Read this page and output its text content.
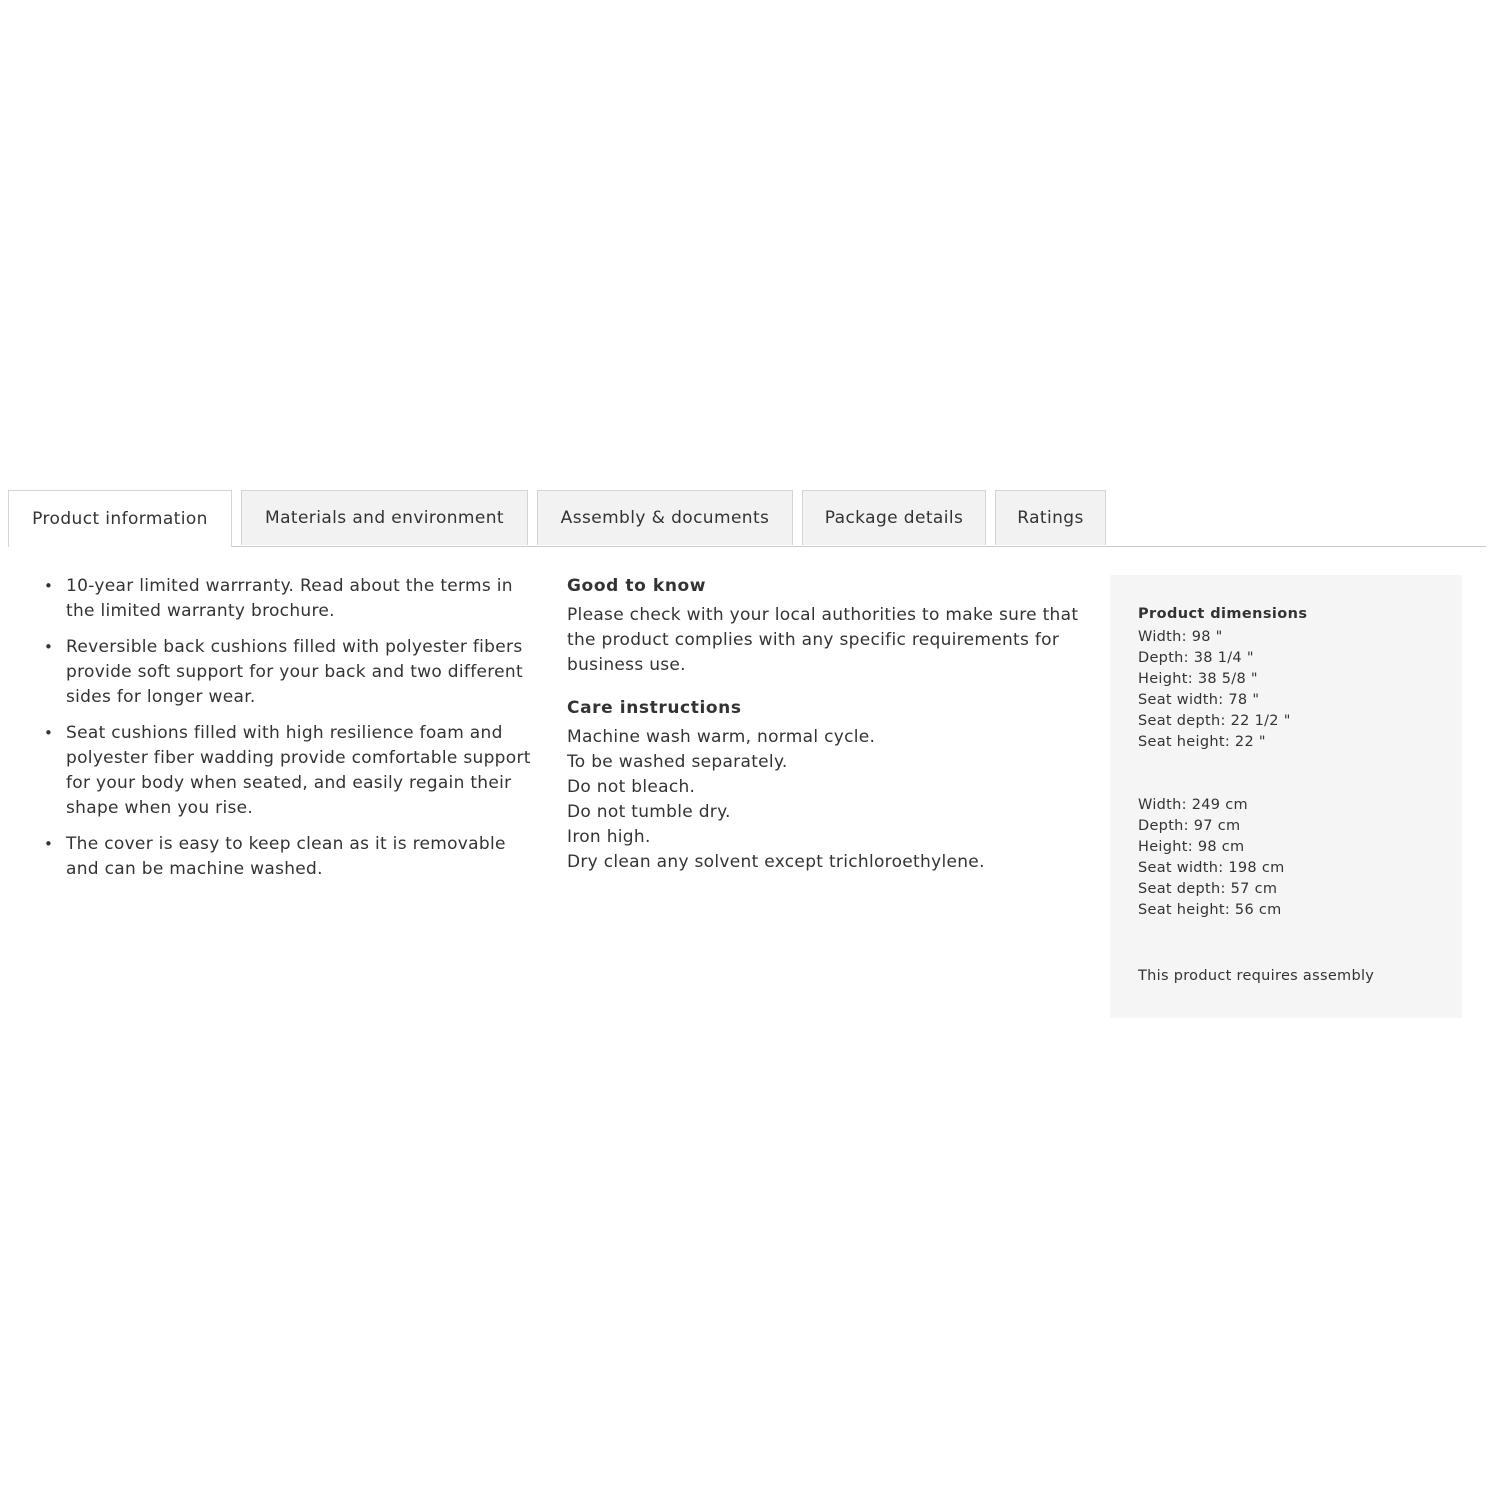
Product information	Materials and environment	Assembly & documents	Package details	Ratings
• 10-year limited warrranty. Read about the terms in the limited warranty brochure.
• Reversible back cushions filled with polyester fibers provide soft support for your back and two different sides for longer wear.
• Seat cushions filled with high resilience foam and polyester fiber wadding provide comfortable support for your body when seated, and easily regain their shape when you rise.
• The cover is easy to keep clean as it is removable and can be machine washed.
Good to know

Please check with your local authorities to make sure that the product complies with any specific requirements for business use.

Care instructions
Machine wash warm, normal cycle.
To be washed separately.
Do not bleach.
Do not tumble dry.
Iron high.
Dry clean any solvent except trichloroethylene.
Product dimensions
Width: 98 "
Depth: 38 1/4 "
Height: 38 5/8 "
Seat width: 78 "
Seat depth: 22 1/2 "
Seat height: 22 "
Width: 249 cm
Depth: 97 cm
Height: 98 cm
Seat width: 198 cm
Seat depth: 57 cm
Seat height: 56 cm
This product requires assembly
